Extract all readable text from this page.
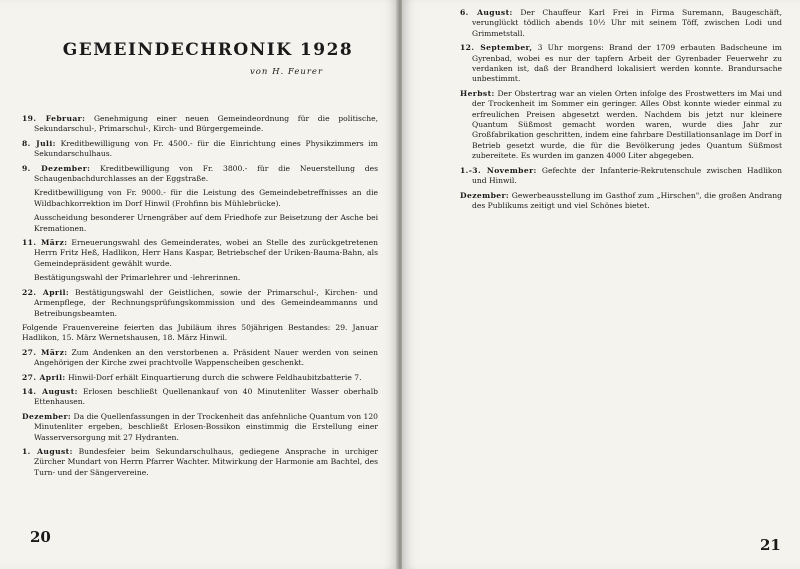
GEMEINDECHRONIK 1928
von H. Feurer

19. Februar: Genehmigung einer neuen Gemeindeordnung für die politische, Sekundarschul-, Primarschul-, Kirch- und Bürgergemeinde.

8. Juli: Kreditbewilligung von Fr. 4500.- für die Einrichtung eines Physikzimmers im Sekundarschulhaus.

9. Dezember: Kreditbewilligung von Fr. 3800.- für die Neuerstellung des Schaugenbachdurchlasses an der Eggstraße.

Kreditbewilligung von Fr. 9000.- für die Leistung des Gemeindebetreffnisses an die Wildbachkorrektion im Dorf Hinwil (Frohfinn bis Mühlebrücke).

Ausscheidung besonderer Urnengräber auf dem Friedhofe zur Beisetzung der Asche bei Kremationen.

11. März: Erneuerungswahl des Gemeinderates, wobei an Stelle des zurückgetretenen Herrn Fritz Heß, Hadlikon, Herr Hans Kaspar, Betriebschef der Uriken-Bauma-Bahn, als Gemeindepräsident gewählt wurde.

Bestätigungswahl der Primarlehrer und -lehrerinnen.

22. April: Bestätigungswahl der Geistlichen, sowie der Primarschul-, Kirchen- und Armenpflege, der Rechnungsprüfungskommission und des Gemeindeammanns und Betreibungsbeamten.

Folgende Frauenvereine feierten das Jubiläum ihres 50jährigen Bestandes: 29. Januar Hadlikon, 15. März Wernetshausen, 18. März Hinwil.

27. März: Zum Andenken an den verstorbenen a. Präsident Nauer werden von seinen Angehörigen der Kirche zwei prachtvolle Wappenscheiben geschenkt.

27. April: Hinwil-Dorf erhält Einquartierung durch die schwere Feldhaubitzbatterie 7.

14. August: Erlosen beschließt Quellenankauf von 40 Minutenliter Wasser oberhalb Ettenhausen.

Dezember: Da die Quellenfassungen in der Trockenheit das anfehnliche Quantum von 120 Minutenliter ergeben, beschließt Erlosen-Bossikon einstimmig die Erstellung einer Wasserversorgung mit 27 Hydranten.

1. August: Bundesfeier beim Sekundarschulhaus, gediegene Ansprache in urchiger Zürcher Mundart von Herrn Pfarrer Wachter. Mitwirkung der Harmonie am Bachtel, des Turn- und der Sängervereine.

20

6. August: Der Chauffeur Karl Frei in Firma Suremann, Baugeschäft, verunglückt tödlich abends 10½ Uhr mit seinem Töff, zwischen Lodi und Grimmetstall.

12. September, 3 Uhr morgens: Brand der 1709 erbauten Badscheune im Gyrenbad, wobei es nur der tapfern Arbeit der Gyrenbader Feuerwehr zu verdanken ist, daß der Brandherd lokalisiert werden konnte. Brandursache unbestimmt.

Herbst: Der Obstertrag war an vielen Orten infolge des Frostwetters im Mai und der Trockenheit im Sommer ein geringer. Alles Obst konnte wieder einmal zu erfreulichen Preisen abgesetzt werden. Nachdem bis jetzt nur kleinere Quantum Süßmost gemacht worden waren, wurde dies Jahr zur Großfabrikation geschritten, indem eine fahrbare Destillationsanlage im Dorf in Betrieb gesetzt wurde, die für die Bevölkerung jedes Quantum Süßmost zubereitete. Es wurden im ganzen 4000 Liter abgegeben.

1.-3. November: Gefechte der Infanterie-Rekrutenschule zwischen Hadlikon und Hinwil.

Dezember: Gewerbeausstellung im Gasthof zum „Hirschen", die großen Andrang des Publikums zeitigt und viel Schönes bietet.

21
